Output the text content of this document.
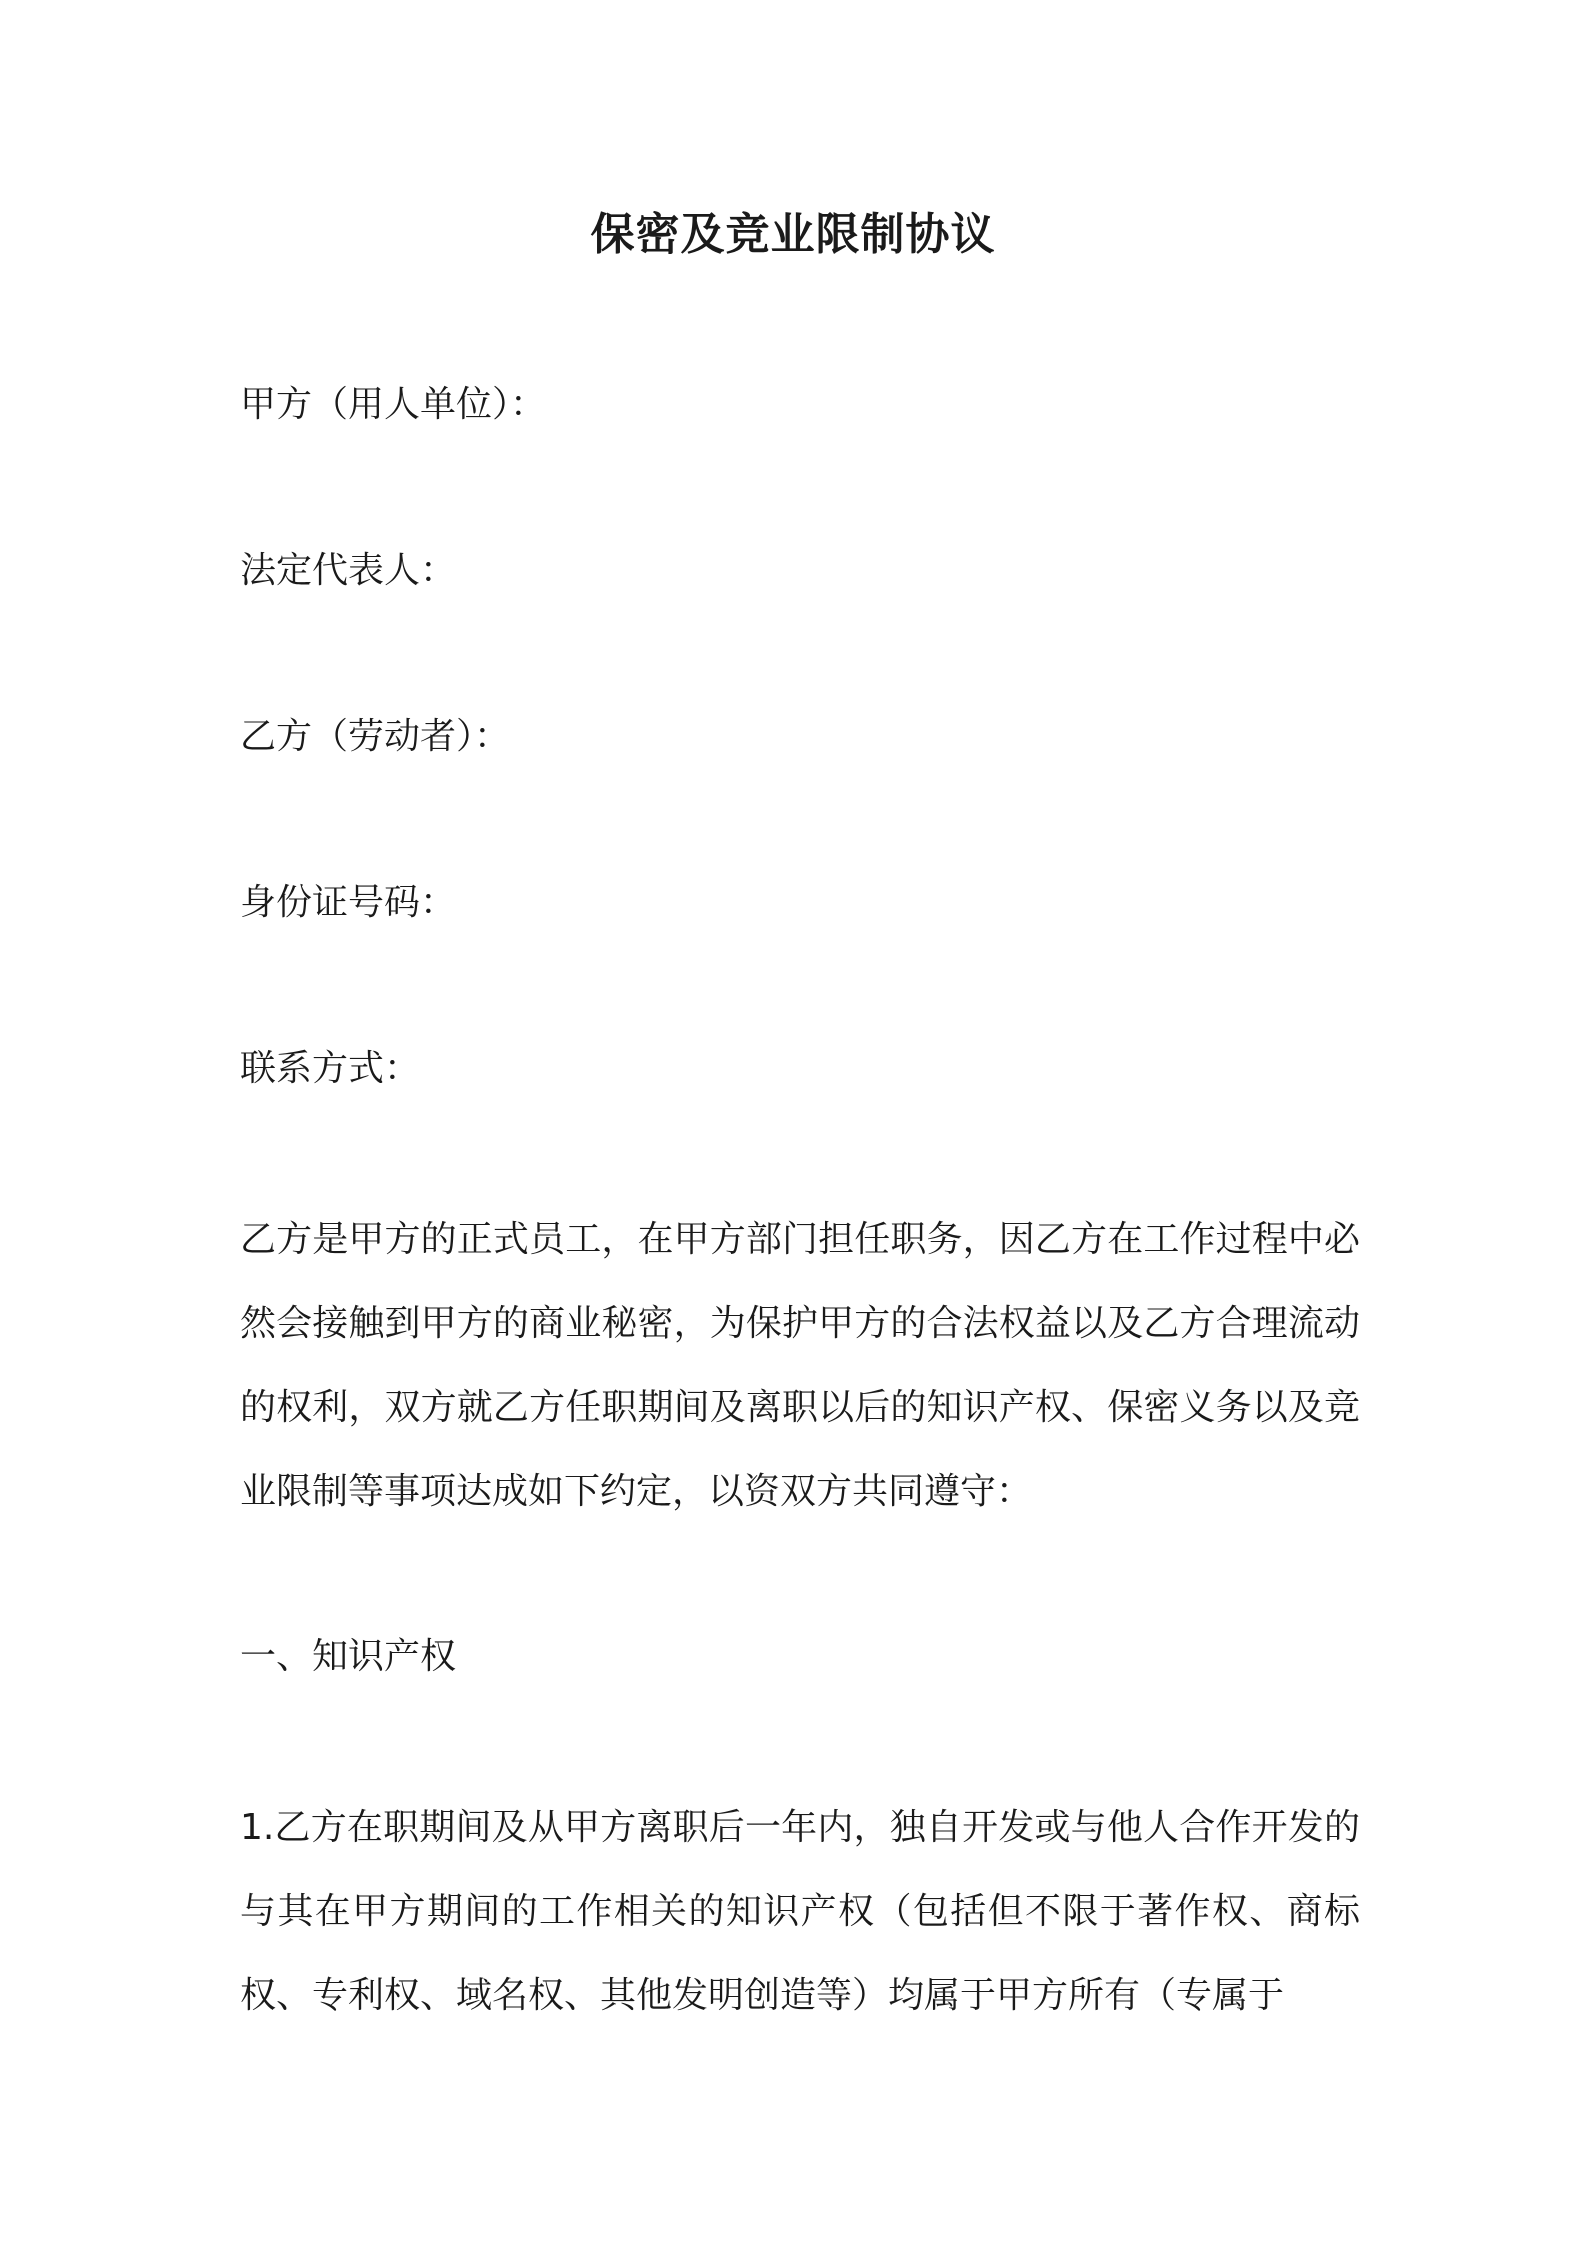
保密及竞业限制协议
甲方（用人单位）：
法定代表人：
乙方（劳动者）：
身份证号码：
联系方式：
乙方是甲方的正式员工，在甲方部门担任职务，因乙方在工作过程中必然会接触到甲方的商业秘密，为保护甲方的合法权益以及乙方合理流动的权利，双方就乙方任职期间及离职以后的知识产权、保密义务以及竞业限制等事项达成如下约定，以资双方共同遵守：
一、知识产权
1.乙方在职期间及从甲方离职后一年内，独自开发或与他人合作开发的与其在甲方期间的工作相关的知识产权（包括但不限于著作权、商标权、专利权、域名权、其他发明创造等）均属于甲方所有（专属于
